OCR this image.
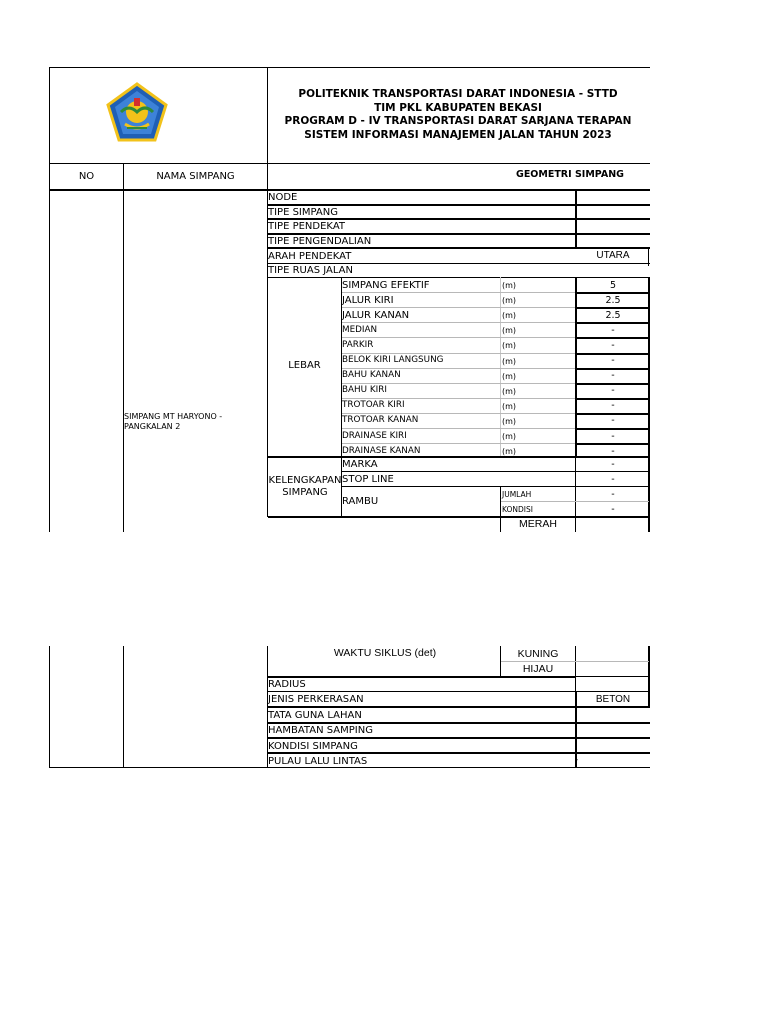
POLITEKNIK TRANSPORTASI DARAT INDONESIA - STTD
TIM PKL KABUPATEN BEKASI
PROGRAM D - IV TRANSPORTASI DARAT SARJANA TERAPAN
SISTEM INFORMASI MANAJEMEN JALAN TAHUN 2023
NO	NAMA SIMPANG	GEOMETRI SIMPANG
SIMPANG MT HARYONO - PANGKALAN 2
NODE
TIPE SIMPANG
TIPE PENDEKAT
TIPE PENGENDALIAN
ARAH PENDEKAT	UTARA
TIPE RUAS JALAN
LEBAR
SIMPANG EFEKTIF	(m)	5
JALUR KIRI	(m)	2.5
JALUR KANAN	(m)	2.5
MEDIAN	(m)	-
PARKIR	(m)	-
BELOK KIRI LANGSUNG	(m)	-
BAHU KANAN	(m)	-
BAHU KIRI	(m)	-
TROTOAR KIRI	(m)	-
TROTOAR KANAN	(m)	-
DRAINASE KIRI	(m)	-
DRAINASE KANAN	(m)	-
KELENGKAPAN
SIMPANG
MARKA	-
STOP LINE	-
RAMBU
JUMLAH	-
KONDISI	-
MERAH
WAKTU SIKLUS (det)	KUNING
HIJAU
RADIUS
JENIS PERKERASAN	BETON
TATA GUNA LAHAN
HAMBATAN SAMPING
KONDISI SIMPANG
PULAU LALU LINTAS	-
